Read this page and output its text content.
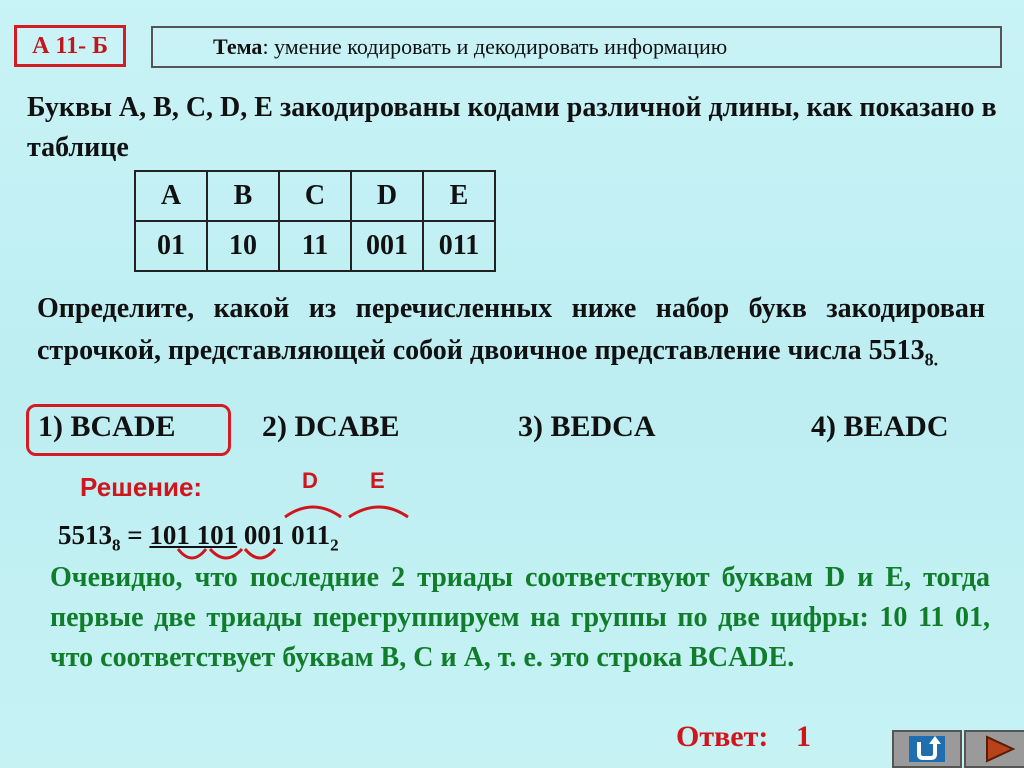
А 11- Б	Тема : умение кодировать и декодировать информацию
Буквы А, В, С, D, Е закодированы кодами различной длины, как показано в таблице
A	B	C	D	E
01	10	11	001	011
Определите, какой из перечисленных ниже набор букв закодирован строчкой, представляющей собой двоичное представление числа $5513_{8.}$
1) BCADE	2) DCABE	3) BEDCA	4) BEADC
Решение:	D E
$5513_8 = 101$ 101 001 $011_2$
Очевидно, что последние 2 триады соответствуют буквам D и Е, тогда первые две триады перегруппируем на группы по две цифры: 10 11 01, что соответствует буквам В, С и А, т. е. это строка BCADE.
Ответ: 1
